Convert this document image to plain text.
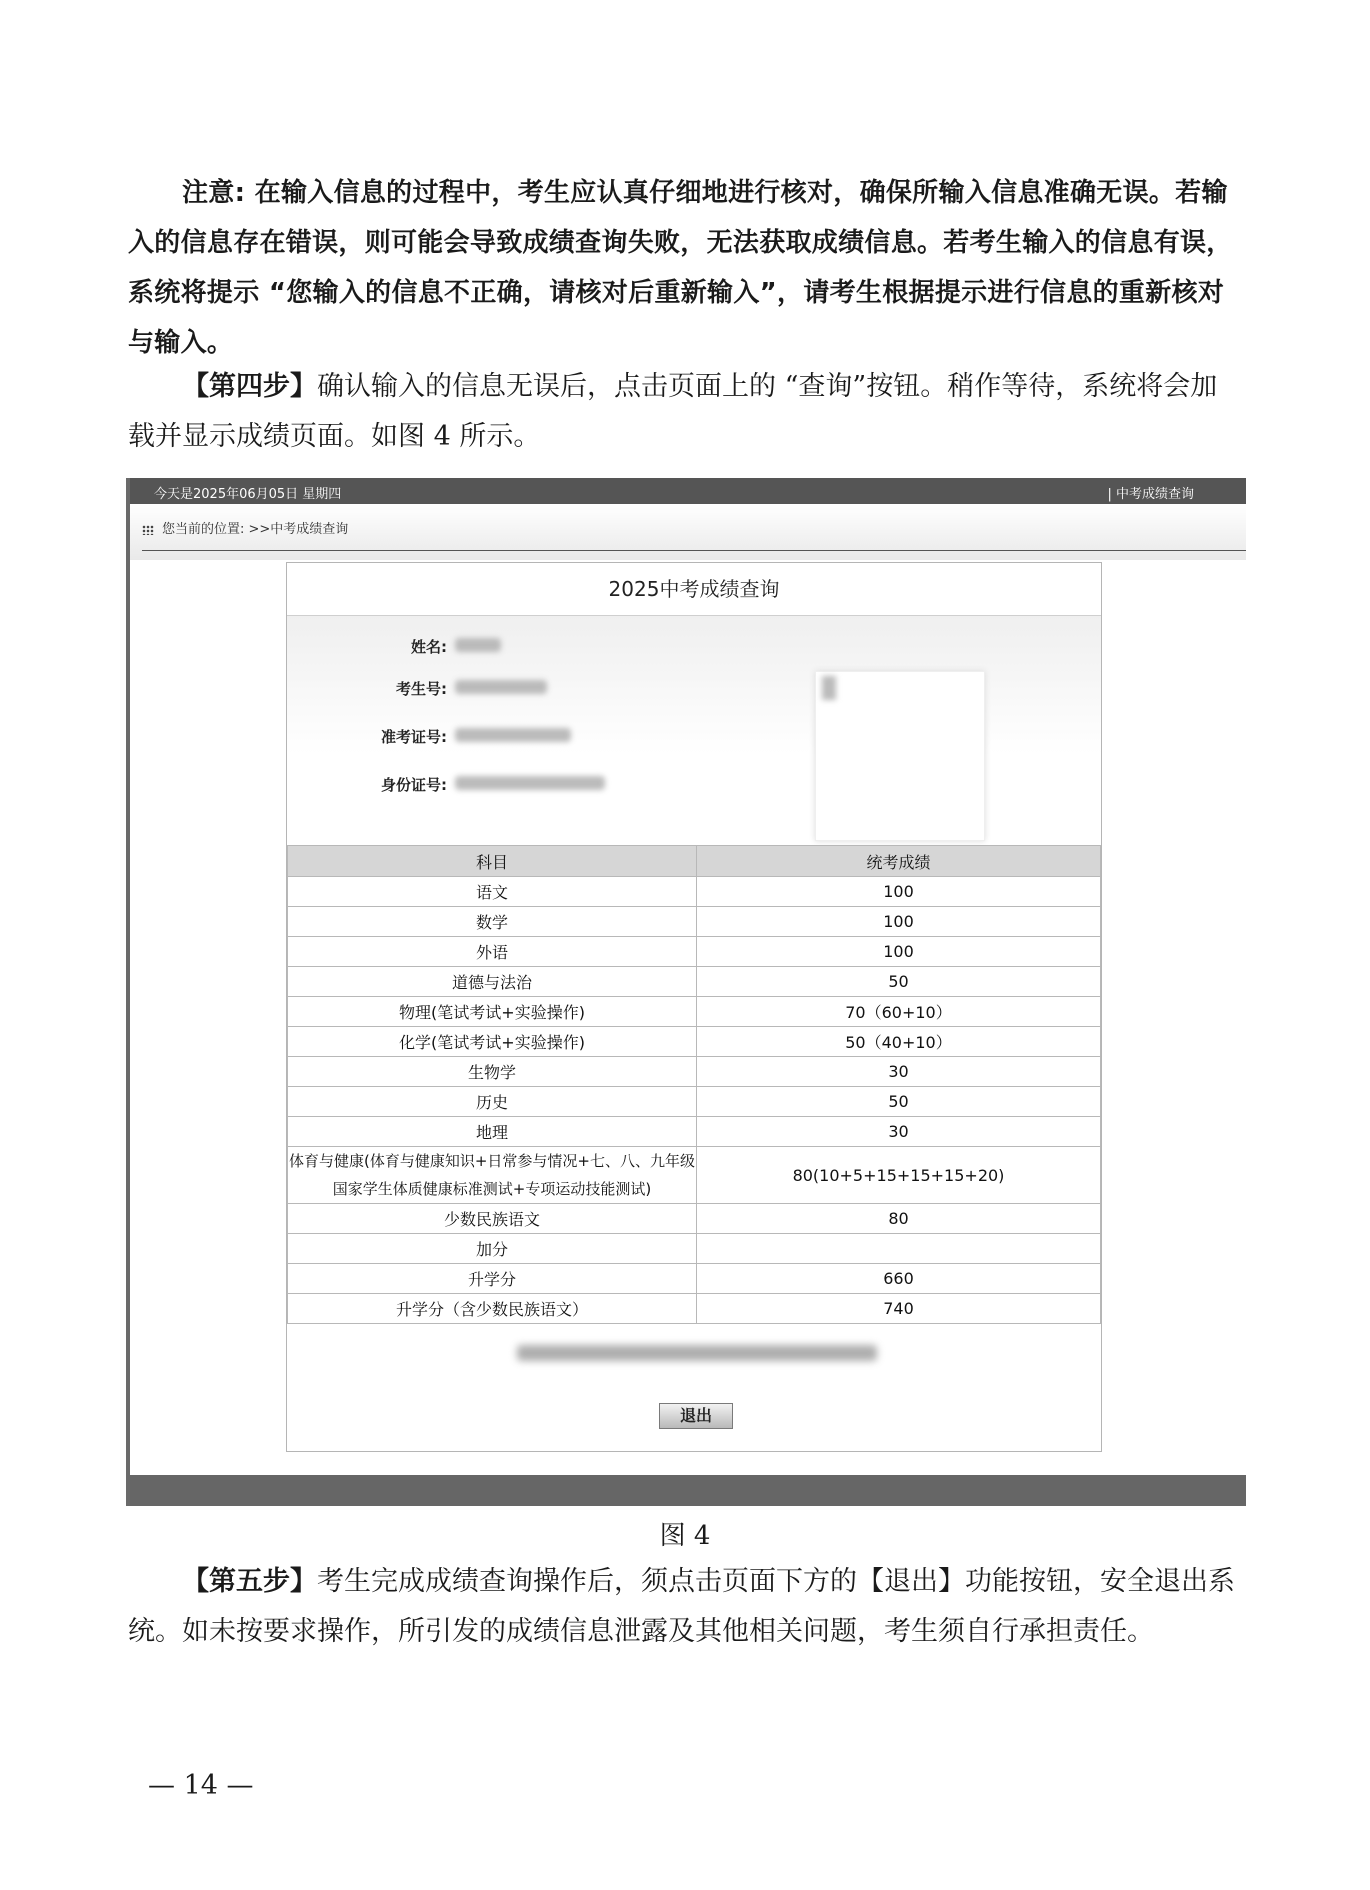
注意: 在输入信息的过程中，考生应认真仔细地进行核对，确保所输入信息准确无误。若输入的信息存在错误，则可能会导致成绩查询失败，无法获取成绩信息。若考生输入的信息有误，系统将提示 “您输入的信息不正确，请核对后重新输入”，请考生根据提示进行信息的重新核对与输入。

【第四步】确认输入的信息无误后，点击页面上的 “查询”按钮。稍作等待，系统将会加载并显示成绩页面。如图 4 所示。

今天是2025年06月05日 星期四	| 中考成绩查询
您当前的位置: >>中考成绩查询
2025中考成绩查询
姓名:
考生号:
准考证号:
身份证号:
科目	统考成绩
语文	100
数学	100
外语	100
道德与法治	50
物理(笔试考试+实验操作)	70（60+10）
化学(笔试考试+实验操作)	50（40+10）
生物学	30
历史	50
地理	30
体育与健康(体育与健康知识+日常参与情况+七、八、九年级国家学生体质健康标准测试+专项运动技能测试)	80(10+5+15+15+15+20)
少数民族语文	80
加分	
升学分	660
升学分（含少数民族语文）	740
退出
图 4

【第五步】考生完成成绩查询操作后，须点击页面下方的【退出】功能按钮，安全退出系统。如未按要求操作，所引发的成绩信息泄露及其他相关问题，考生须自行承担责任。

— 14 —
